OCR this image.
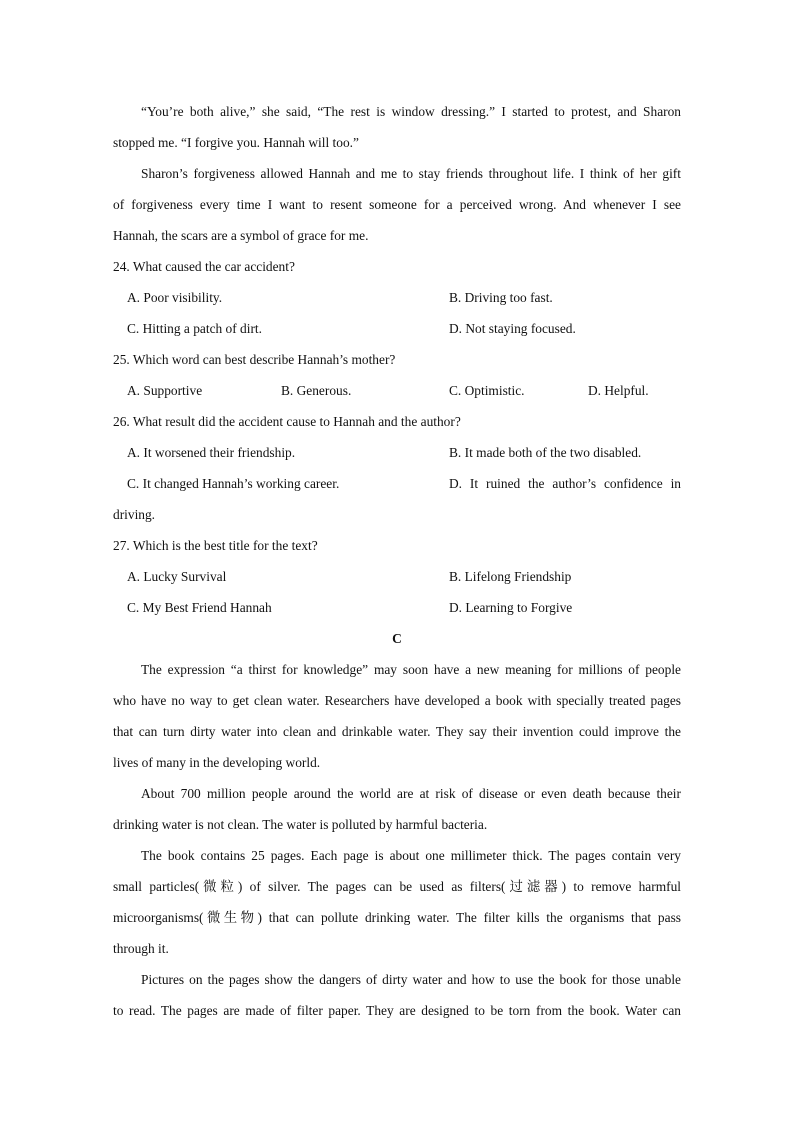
“You’re both alive,” she said, “The rest is window dressing.” I started to protest, and Sharon
stopped me. “I forgive you. Hannah will too.”
Sharon’s forgiveness allowed Hannah and me to stay friends throughout life. I think of her gift
of forgiveness every time I want to resent someone for a perceived wrong. And whenever I see
Hannah, the scars are a symbol of grace for me.
24. What caused the car accident?
A. Poor visibility.	B. Driving too fast.
C. Hitting a patch of dirt.	D. Not staying focused.
25. Which word can best describe Hannah’s mother?
A. Supportive	B. Generous.	C. Optimistic.	D. Helpful.
26. What result did the accident cause to Hannah and the author?
A. It worsened their friendship.	B. It made both of the two disabled.
C. It changed Hannah’s working career.	D. It ruined the author’s confidence in
driving.
27. Which is the best title for the text?
A. Lucky Survival	B. Lifelong Friendship
C. My Best Friend Hannah	D. Learning to Forgive
C
The expression “a thirst for knowledge” may soon have a new meaning for millions of people
who have no way to get clean water. Researchers have developed a book with specially treated pages
that can turn dirty water into clean and drinkable water. They say their invention could improve the
lives of many in the developing world.
About 700 million people around the world are at risk of disease or even death because their
drinking water is not clean. The water is polluted by harmful bacteria.
The book contains 25 pages. Each page is about one millimeter thick. The pages contain very
small particles(微粒) of silver. The pages can be used as filters(过滤器) to remove harmful
microorganisms(微生物) that can pollute drinking water. The filter kills the organisms that pass
through it.
Pictures on the pages show the dangers of dirty water and how to use the book for those unable
to read. The pages are made of filter paper. They are designed to be torn from the book. Water can
